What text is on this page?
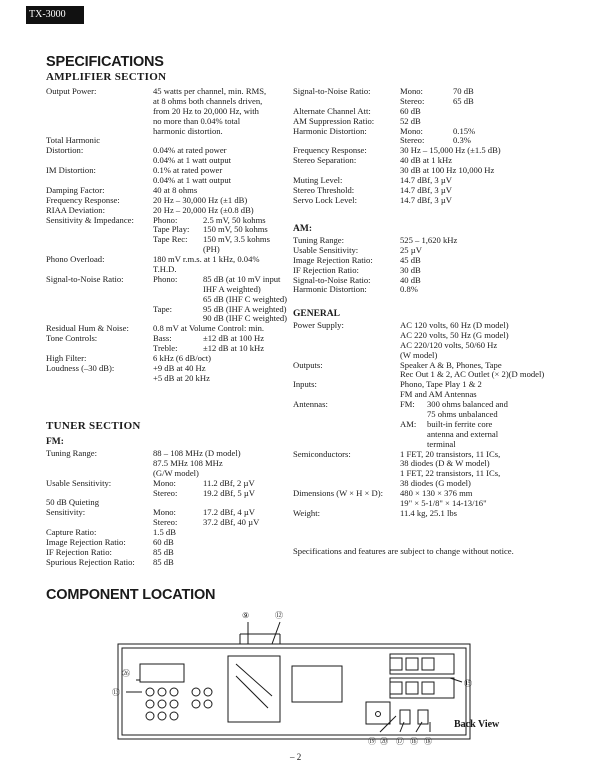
TX-3000
SPECIFICATIONS
AMPLIFIER SECTION
Output Power:	45 watts per channel, min. RMS,
at 8 ohms both channels driven,
from 20 Hz to 20,000 Hz, with
no more than 0.04% total
harmonic distortion.
Total Harmonic
Distortion:	0.04% at rated power
0.04% at 1 watt output
IM Distortion:	0.1% at rated power
0.04% at 1 watt output
Damping Factor:	40 at 8 ohms
Frequency Response:	20 Hz – 30,000 Hz (±1 dB)
RIAA Deviation:	20 Hz – 20,000 Hz (±0.8 dB)
Sensitivity & Impedance: Phono:	2.5 mV, 50 kohms
Tape Play: 150 mV, 50 kohms
Tape Rec: 150 mV, 3.5 kohms
(PH)
Phono Overload:	180 mV r.m.s. at 1 kHz, 0.04%
T.H.D.
Signal-to-Noise Ratio:	Phono:	85 dB (at 10 mV input
IHF A weighted)
65 dB (IHF C weighted)
Tape:	95 dB (IHF A weighted)
90 dB (IHF C weighted)
Residual Hum & Noise:	0.8 mV at Volume Control: min.
Tone Controls:	Bass:	±12 dB at 100 Hz
Treble:	±12 dB at 10 kHz
High Filter:	6 kHz (6 dB/oct)
Loudness (–30 dB):	+9 dB at 40 Hz
+5 dB at 20 kHz
TUNER SECTION
FM:
Tuning Range:	88 – 108 MHz (D model)
87.5 MHz 108 MHz
(G/W model)
Usable Sensitivity:	Mono:	11.2 dBf, 2 µV
Stereo:	19.2 dBf, 5 µV
50 dB Quieting
Sensitivity:	Mono:	17.2 dBf, 4 µV
Stereo:	37.2 dBf, 40 µV
Capture Ratio:	1.5 dB
Image Rejection Ratio:	60 dB
IF Rejection Ratio:	85 dB
Spurious Rejection Ratio: 85 dB
Signal-to-Noise Ratio:	Mono:	70 dB
Stereo:	65 dB
Alternate Channel Att:	60 dB
AM Suppression Ratio:	52 dB
Harmonic Distortion:	Mono:	0.15%
Stereo:	0.3%
Frequency Response:	30 Hz – 15,000 Hz (±1.5 dB)
Stereo Separation:	40 dB at 1 kHz
30 dB at 100 Hz 10,000 Hz
Muting Level:	14.7 dBf, 3 µV
Stereo Threshold:	14.7 dBf, 3 µV
Servo Lock Level:	14.7 dBf, 3 µV
AM:
Tuning Range:	525 – 1,620 kHz
Usable Sensitivity:	25 µV
Image Rejection Ratio:	45 dB
IF Rejection Ratio:	30 dB
Signal-to-Noise Ratio:	40 dB
Harmonic Distortion:	0.8%
GENERAL
Power Supply:	AC 120 volts, 60 Hz (D model)
AC 220 volts, 50 Hz (G model)
AC 220/120 volts, 50/60 Hz
(W model)
Outputs:	Speaker A & B, Phones, Tape
Rec Out 1 & 2, AC Outlet (× 2)(D model)
Inputs:	Phono, Tape Play 1 & 2
FM and AM Antennas
Antennas:	FM: 300 ohms balanced and
75 ohms unbalanced
AM: built-in ferrite core
antenna and external
terminal
Semiconductors:	1 FET, 20 transistors, 11 ICs,
38 diodes (D & W model)
1 FET, 22 transistors, 11 ICs,
38 diodes (G model)
Dimensions (W × H × D): 480 × 130 × 376 mm
19" × 5-1/8" × 14-13/16"
Weight:	11.4 kg, 25.1 lbs
Specifications and features are subject to change without notice.
COMPONENT LOCATION
⑨	⑫
㉖
⑬
⑮
⑲ ⑳ ⑰ ⑯ ⑱
Back View
– 2
